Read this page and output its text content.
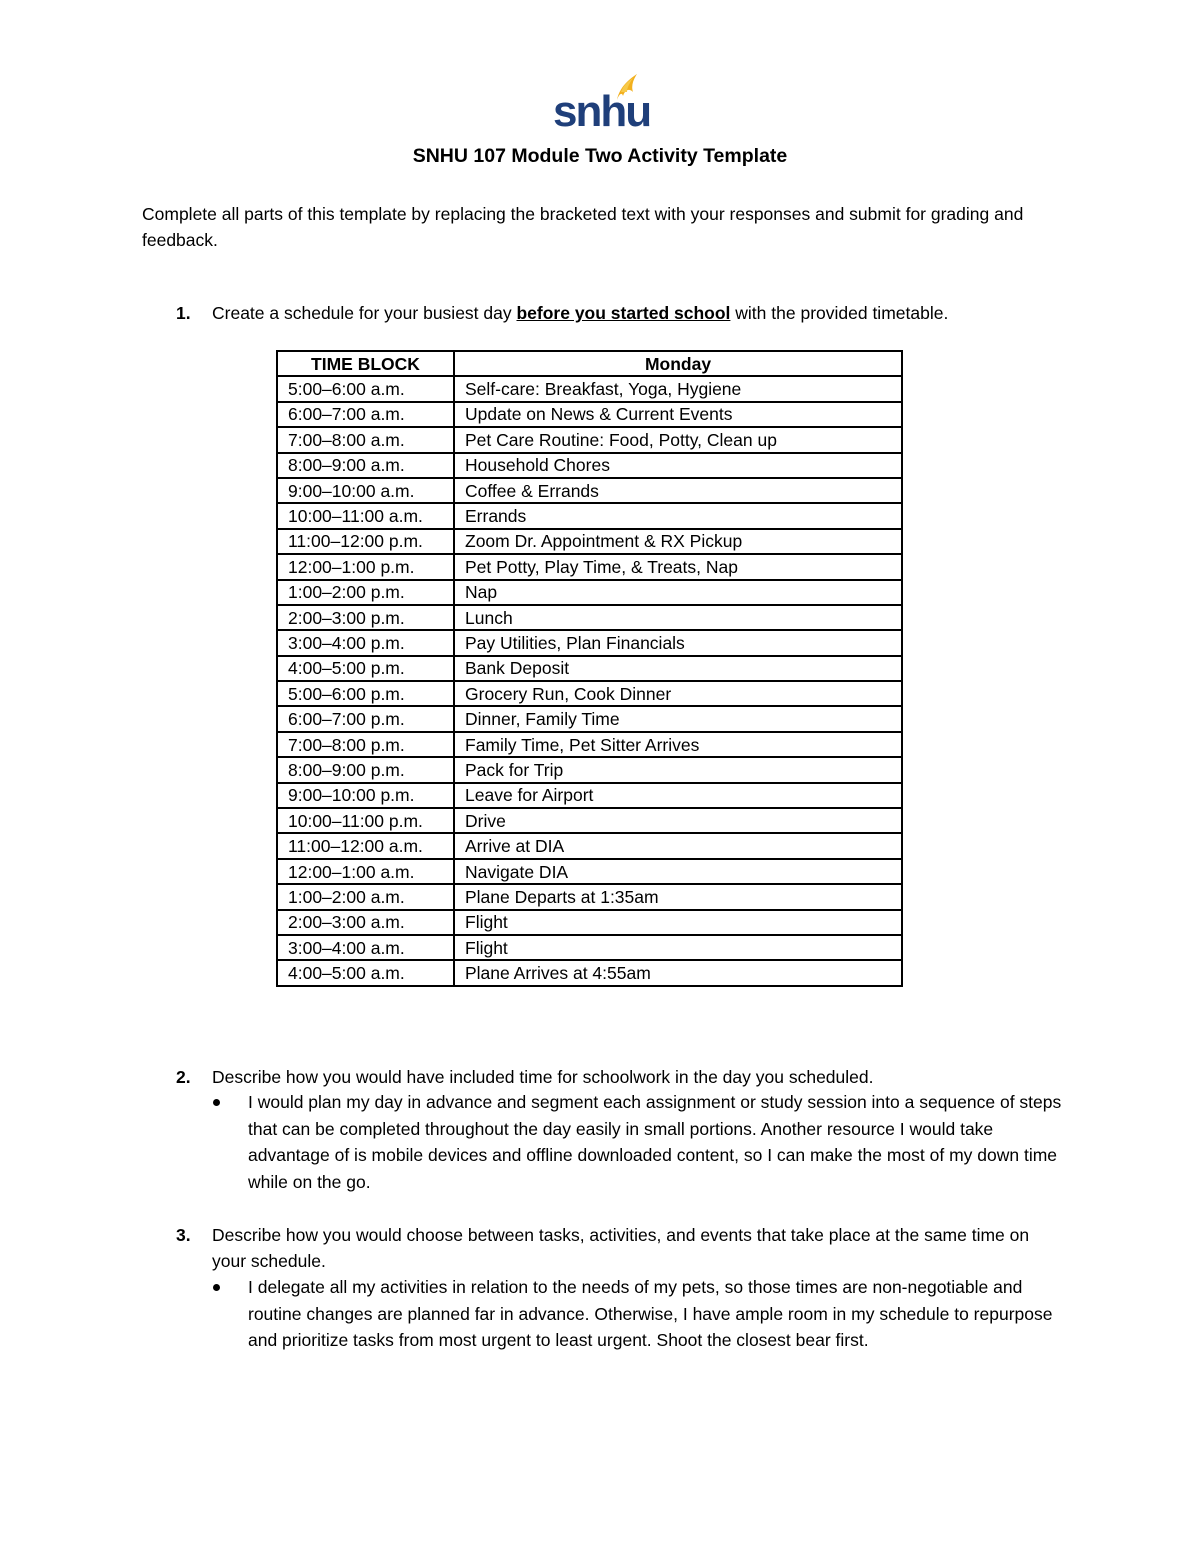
snhu
SNHU 107 Module Two Activity Template
Complete all parts of this template by replacing the bracketed text with your responses and submit for grading and feedback.
1. Create a schedule for your busiest day before you started school with the provided timetable.
TIME BLOCK	Monday
5:00–6:00 a.m.	Self-care: Breakfast, Yoga, Hygiene
6:00–7:00 a.m.	Update on News & Current Events
7:00–8:00 a.m.	Pet Care Routine: Food, Potty, Clean up
8:00–9:00 a.m.	Household Chores
9:00–10:00 a.m.	Coffee & Errands
10:00–11:00 a.m.	Errands
11:00–12:00 p.m.	Zoom Dr. Appointment & RX Pickup
12:00–1:00 p.m.	Pet Potty, Play Time, & Treats, Nap
1:00–2:00 p.m.	Nap
2:00–3:00 p.m.	Lunch
3:00–4:00 p.m.	Pay Utilities, Plan Financials
4:00–5:00 p.m.	Bank Deposit
5:00–6:00 p.m.	Grocery Run, Cook Dinner
6:00–7:00 p.m.	Dinner, Family Time
7:00–8:00 p.m.	Family Time, Pet Sitter Arrives
8:00–9:00 p.m.	Pack for Trip
9:00–10:00 p.m.	Leave for Airport
10:00–11:00 p.m.	Drive
11:00–12:00 a.m.	Arrive at DIA
12:00–1:00 a.m.	Navigate DIA
1:00–2:00 a.m.	Plane Departs at 1:35am
2:00–3:00 a.m.	Flight
3:00–4:00 a.m.	Flight
4:00–5:00 a.m.	Plane Arrives at 4:55am
2. Describe how you would have included time for schoolwork in the day you scheduled.
I would plan my day in advance and segment each assignment or study session into a sequence of steps that can be completed throughout the day easily in small portions. Another resource I would take advantage of is mobile devices and offline downloaded content, so I can make the most of my down time while on the go.
3. Describe how you would choose between tasks, activities, and events that take place at the same time on your schedule.
I delegate all my activities in relation to the needs of my pets, so those times are non-negotiable and routine changes are planned far in advance. Otherwise, I have ample room in my schedule to repurpose and prioritize tasks from most urgent to least urgent. Shoot the closest bear first.
